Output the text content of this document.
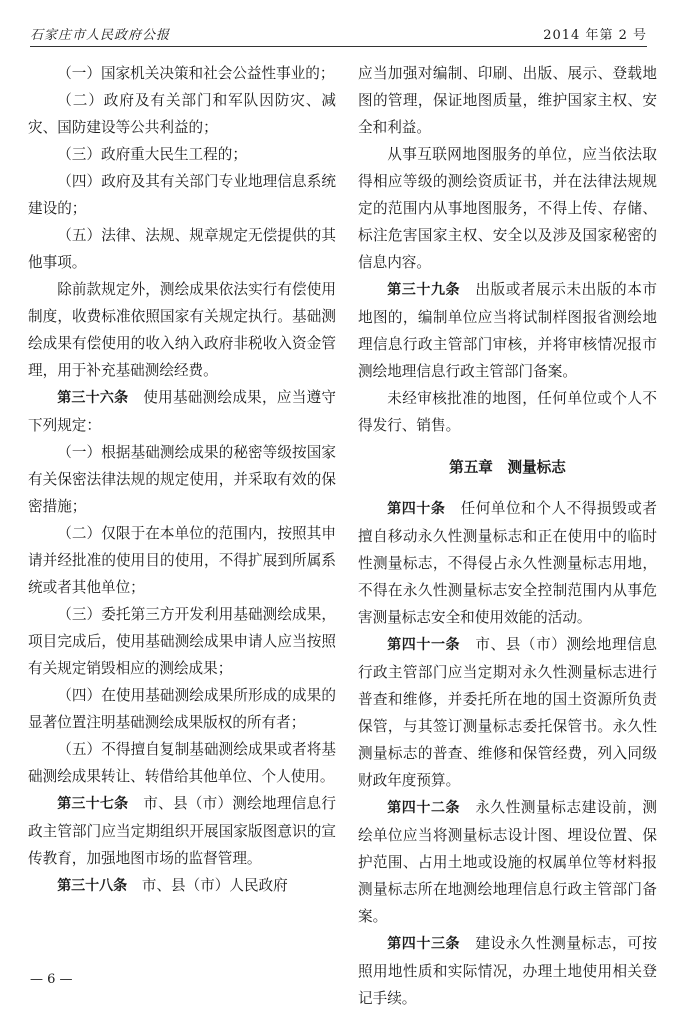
石家庄市人民政府公报	2014 年第 2 号

（一）国家机关决策和社会公益性事业的；

（二）政府及有关部门和军队因防灾、减灾、国防建设等公共利益的；

（三）政府重大民生工程的；

（四）政府及其有关部门专业地理信息系统建设的；

（五）法律、法规、规章规定无偿提供的其他事项。

除前款规定外，测绘成果依法实行有偿使用制度，收费标准依照国家有关规定执行。基础测绘成果有偿使用的收入纳入政府非税收入资金管理，用于补充基础测绘经费。

第三十六条　 使用基础测绘成果，应当遵守下列规定：

（一）根据基础测绘成果的秘密等级按国家有关保密法律法规的规定使用，并采取有效的保密措施；

（二）仅限于在本单位的范围内，按照其申请并经批准的使用目的使用，不得扩展到所属系统或者其他单位；

（三）委托第三方开发利用基础测绘成果，项目完成后，使用基础测绘成果申请人应当按照有关规定销毁相应的测绘成果；

（四）在使用基础测绘成果所形成的成果的显著位置注明基础测绘成果版权的所有者；

（五）不得擅自复制基础测绘成果或者将基础测绘成果转让、转借给其他单位、个人使用。

第三十七条　 市、县（市）测绘地理信息行政主管部门应当定期组织开展国家版图意识的宣传教育，加强地图市场的监督管理。

第三十八条　 市、县（市）人民政府

应当加强对编制、印刷、出版、展示、登载地图的管理，保证地图质量，维护国家主权、安全和利益。

从事互联网地图服务的单位，应当依法取得相应等级的测绘资质证书，并在法律法规规定的范围内从事地图服务，不得上传、存储、标注危害国家主权、安全以及涉及国家秘密的信息内容。

第三十九条　 出版或者展示未出版的本市地图的，编制单位应当将试制样图报省测绘地理信息行政主管部门审核，并将审核情况报市测绘地理信息行政主管部门备案。

未经审核批准的地图，任何单位或个人不得发行、销售。

第五章　测量标志

第四十条　 任何单位和个人不得损毁或者擅自移动永久性测量标志和正在使用中的临时性测量标志，不得侵占永久性测量标志用地，不得在永久性测量标志安全控制范围内从事危害测量标志安全和使用效能的活动。

第四十一条　 市、县（市）测绘地理信息行政主管部门应当定期对永久性测量标志进行普查和维修，并委托所在地的国土资源所负责保管，与其签订测量标志委托保管书。永久性测量标志的普查、维修和保管经费，列入同级财政年度预算。

第四十二条　 永久性测量标志建设前，测绘单位应当将测量标志设计图、埋设位置、保护范围、占用土地或设施的权属单位等材料报测量标志所在地测绘地理信息行政主管部门备案。

第四十三条　 建设永久性测量标志，可按照用地性质和实际情况，办理土地使用相关登记手续。

— 6 —
